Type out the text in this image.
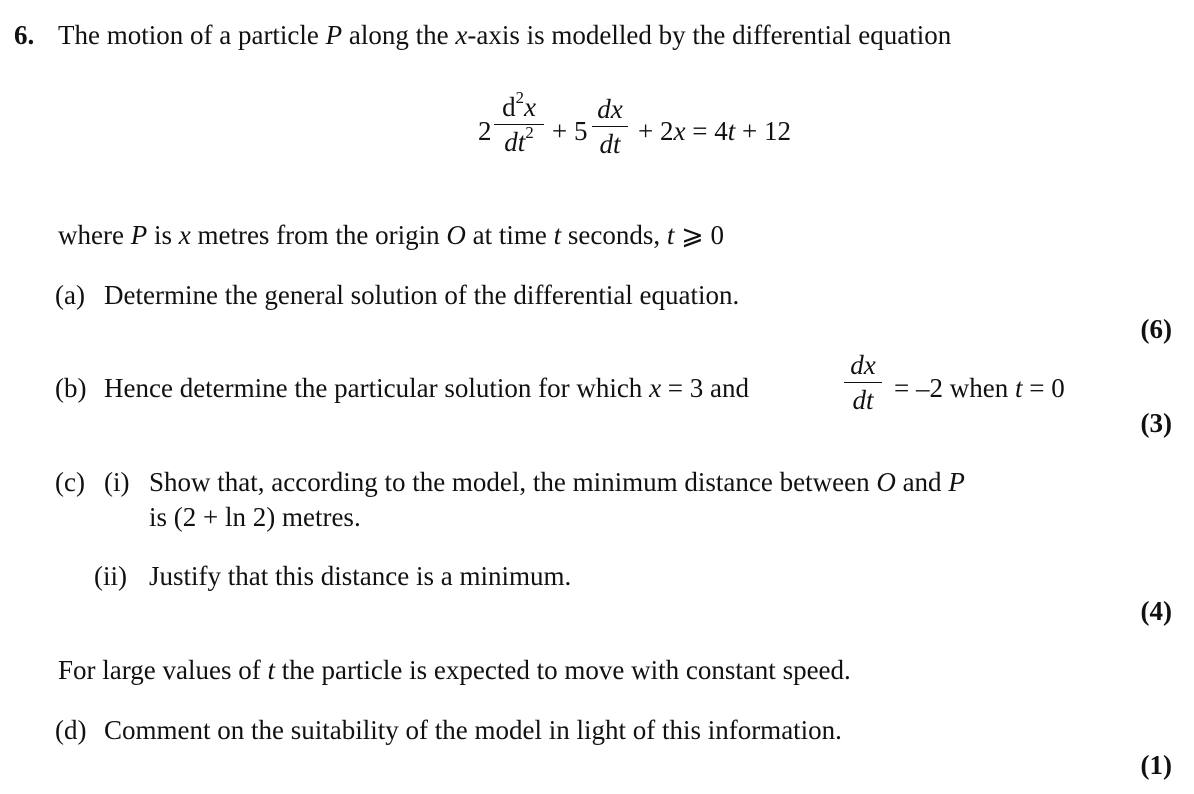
6. The motion of a particle P along the x-axis is modelled by the differential equation
2
$d^2x$
$dt^2 + 5$
dx
dt + 2x = 4t + 12
where P is x metres from the origin O at time t seconds, t ⩾ 0
(a) Determine the general solution of the differential equation.
(6)
(b) Hence determine the particular solution for which x = 3 and
dx
dt = –2 when t = 0
(3)
(c) (i) Show that, according to the model, the minimum distance between O and P
is (2 + ln 2) metres.
(ii) Justify that this distance is a minimum.
(4)
For large values of t the particle is expected to move with constant speed.
(d) Comment on the suitability of the model in light of this information.
(1)
